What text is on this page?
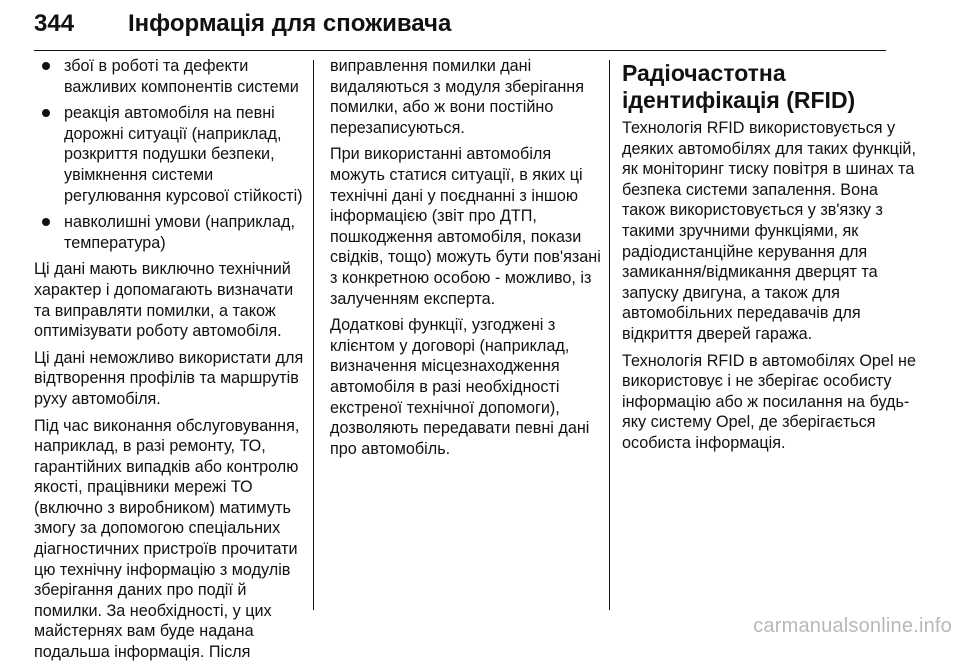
344 Інформація для споживача
збої в роботі та дефекти важливих компонентів системи
реакція автомобіля на певні дорожні ситуації (наприклад, розкриття подушки безпеки, увімкнення системи регулювання курсової стійкості)
навколишні умови (наприклад, температура)

Ці дані мають виключно технічний характер і допомагають визначати та виправляти помилки, а також оптимізувати роботу автомобіля.

Ці дані неможливо використати для відтворення профілів та маршрутів руху автомобіля.

Під час виконання обслуговування, наприклад, в разі ремонту, ТО, гарантійних випадків або контролю якості, працівники мережі ТО (включно з виробником) матимуть змогу за допомогою спеціальних діагностичних пристроїв прочитати цю технічну інформацію з модулів зберігання даних про події й помилки. За необхідності, у цих майстернях вам буде надана подальша інформація. Після

виправлення помилки дані видаляються з модуля зберігання помилки, або ж вони постійно перезаписуються.

При використанні автомобіля можуть статися ситуації, в яких ці технічні дані у поєднанні з іншою інформацією (звіт про ДТП, пошкодження автомобіля, покази свідків, тощо) можуть бути пов'язані з конкретною особою - можливо, із залученням експерта.

Додаткові функції, узгоджені з клієнтом у договорі (наприклад, визначення місцезнаходження автомобіля в разі необхідності екстреної технічної допомоги), дозволяють передавати певні дані про автомобіль.

Радіочастотна ідентифікація (RFID)

Технологія RFID використовується у деяких автомобілях для таких функцій, як моніторинг тиску повітря в шинах та безпека системи запалення. Вона також використовується у зв'язку з такими зручними функціями, як радіодистанційне керування для замикання/відмикання дверцят та запуску двигуна, а також для автомобільних передавачів для відкриття дверей гаража.

Технологія RFID в автомобілях Opel не використовує і не зберігає особисту інформацію або ж посилання на будь-яку систему Opel, де зберігається особиста інформація.

carmanualsonline.info
